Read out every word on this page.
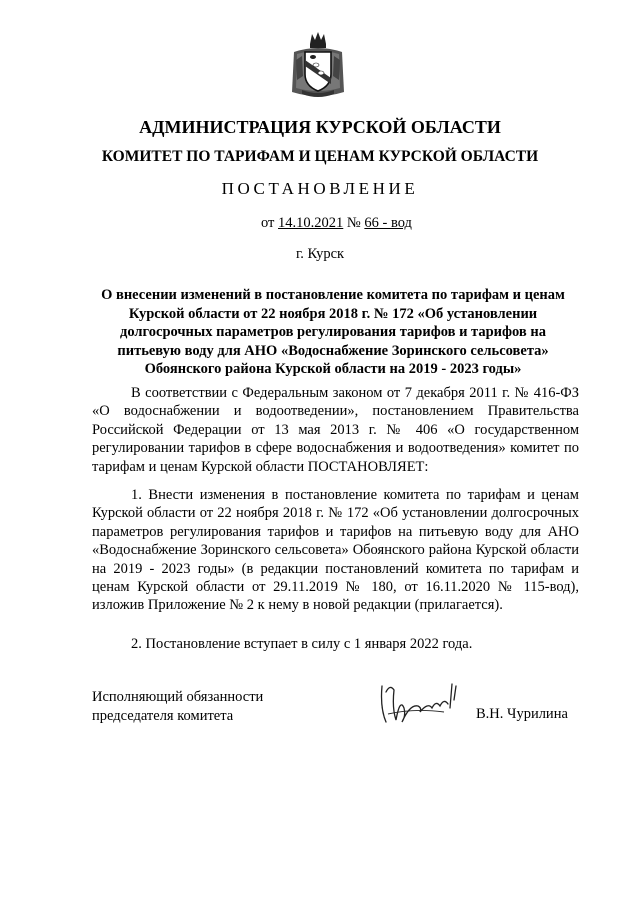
АДМИНИСТРАЦИЯ КУРСКОЙ ОБЛАСТИ
КОМИТЕТ ПО ТАРИФАМ И ЦЕНАМ КУРСКОЙ ОБЛАСТИ
ПОСТАНОВЛЕНИЕ
от 14.10.2021 № 66 - вод
г. Курск
О внесении изменений в постановление комитета по тарифам и ценам Курской области от 22 ноября 2018 г. № 172 «Об установлении долгосрочных параметров регулирования тарифов и тарифов на питьевую воду для АНО «Водоснабжение Зоринского сельсовета» Обоянского района Курской области на 2019 - 2023 годы»

В соответствии с Федеральным законом от 7 декабря 2011 г. № 416-ФЗ «О водоснабжении и водоотведении», постановлением Правительства Российской Федерации от 13 мая 2013 г. № 406 «О государственном регулировании тарифов в сфере водоснабжения и водоотведения» комитет по тарифам и ценам Курской области ПОСТАНОВЛЯЕТ:

1. Внести изменения в постановление комитета по тарифам и ценам Курской области от 22 ноября 2018 г. № 172 «Об установлении долгосрочных параметров регулирования тарифов и тарифов на питьевую воду для АНО «Водоснабжение Зоринского сельсовета» Обоянского района Курской области на 2019 - 2023 годы» (в редакции постановлений комитета по тарифам и ценам Курской области от 29.11.2019 № 180, от 16.11.2020 № 115-вод), изложив Приложение № 2 к нему в новой редакции (прилагается).

2. Постановление вступает в силу с 1 января 2022 года.

Исполняющий обязанности
председателя комитета	В.Н. Чурилина
